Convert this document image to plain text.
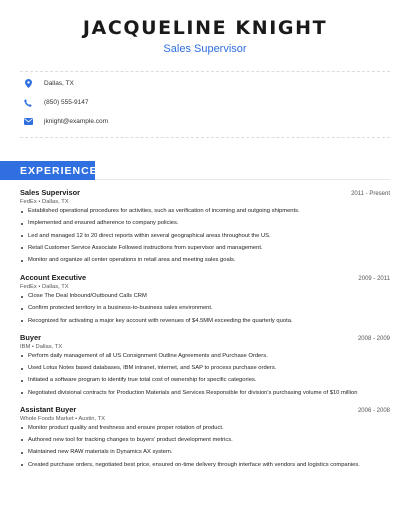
JACQUELINE KNIGHT
Sales Supervisor
Dallas, TX
(850) 555-9147
jknight@example.com
EXPERIENCE
Sales Supervisor	2011 - Present
FedEx • Dallas, TX
Established operational procedures for activities, such as verification of incoming and outgoing shipments.
Implemented and ensured adherence to company policies.
Led and managed 12 to 20 direct reports within several geographical areas throughout the US.
Retail Customer Service Associate Followed instructions from supervisor and management.
Monitor and organize all center operations in retail area and meeting sales goals.
Account Executive	2009 - 2011
FedEx • Dallas, TX
Close The Deal Inbound/Outbound Calls CRM
Confirm protected territory in a business-to-business sales environment.
Recognized for activating a major key account with revenues of $4.5MM exceeding the quarterly quota.
Buyer	2008 - 2009
IBM • Dallas, TX
Perform daily management of all US Consignment Outline Agreements and Purchase Orders.
Used Lotus Notes based databases, IBM intranet, internet, and SAP to process purchase orders.
Initiated a software program to identify true total cost of ownership for specific categories.
Negotiated divisional contracts for Production Materials and Services Responsible for division's purchasing volume of $10 million
Assistant Buyer	2006 - 2008
Whole Foods Market • Austin, TX
Monitor product quality and freshness and ensure proper rotation of product.
Authored new tool for tracking changes to buyers' product development metrics.
Maintained new RAW materials in Dynamics AX system.
Created purchase orders, negotiated best price, ensured on-time delivery through interface with vendors and logistics companies.
